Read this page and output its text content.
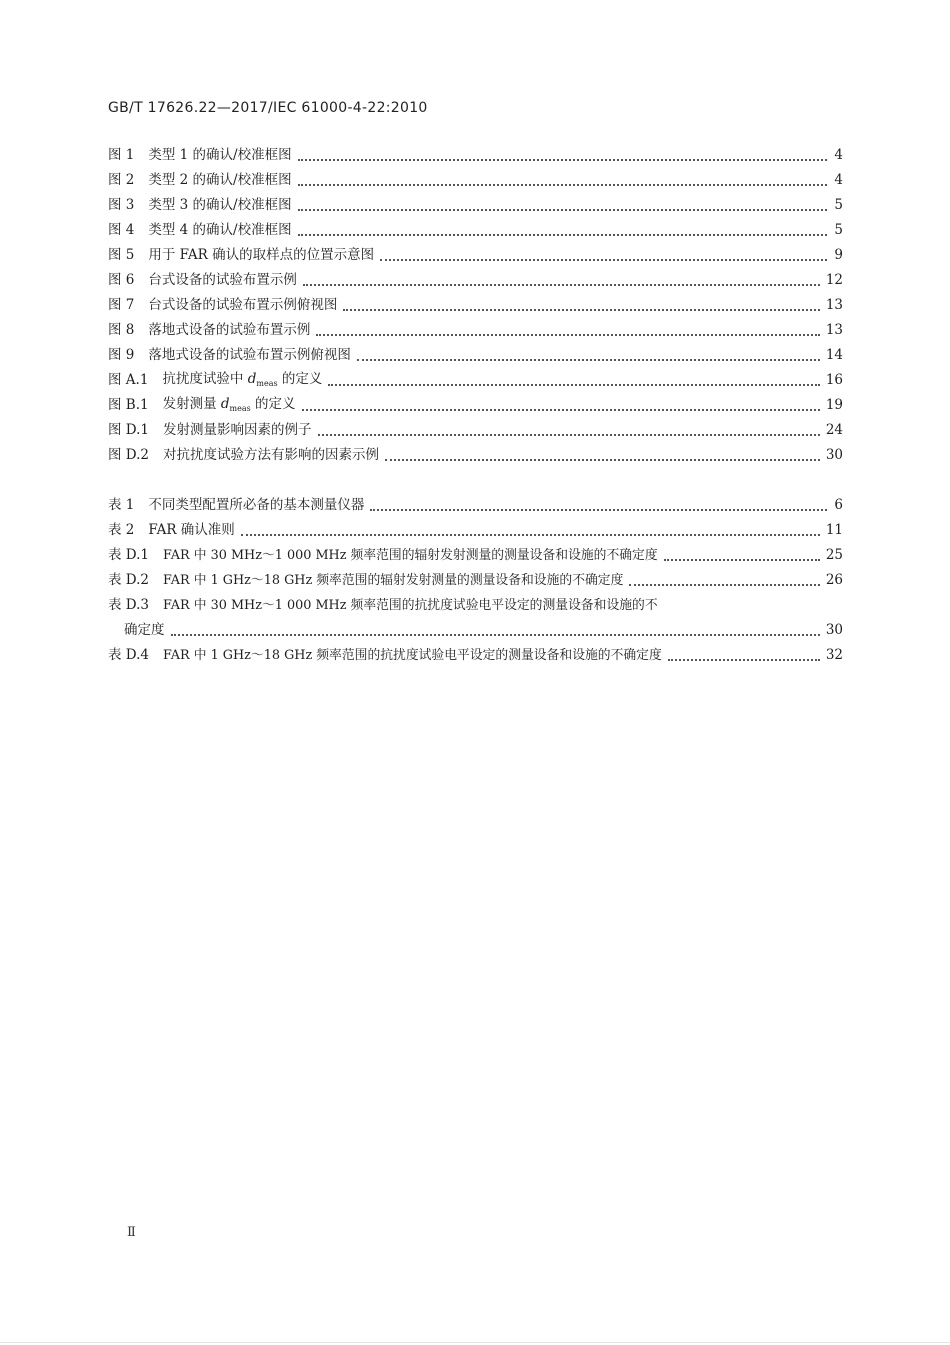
GB/T 17626.22—2017/IEC 61000-4-22:2010
图 1 类型 1 的确认/校准框图	4
图 2 类型 2 的确认/校准框图	4
图 3 类型 3 的确认/校准框图	5
图 4 类型 4 的确认/校准框图	5
图 5 用于 FAR 确认的取样点的位置示意图	9
图 6 台式设备的试验布置示例	12
图 7 台式设备的试验布置示例俯视图	13
图 8 落地式设备的试验布置示例	13
图 9 落地式设备的试验布置示例俯视图	14
图 A.1 抗扰度试验中 $d_{meas}$ 的定义	16
图 B.1 发射测量 $d_{meas}$ 的定义	19
图 D.1 发射测量影响因素的例子	24
图 D.2 对抗扰度试验方法有影响的因素示例	30
表 1 不同类型配置所必备的基本测量仪器	6
表 2 FAR 确认准则	11
表 D.1 FAR 中 30 MHz～1 000 MHz 频率范围的辐射发射测量的测量设备和设施的不确定度	25
表 D.2 FAR 中 1 GHz～18 GHz 频率范围的辐射发射测量的测量设备和设施的不确定度	26
表 D.3 FAR 中 30 MHz～1 000 MHz 频率范围的抗扰度试验电平设定的测量设备和设施的不
确定度	30
表 D.4 FAR 中 1 GHz～18 GHz 频率范围的抗扰度试验电平设定的测量设备和设施的不确定度	32
Ⅱ
